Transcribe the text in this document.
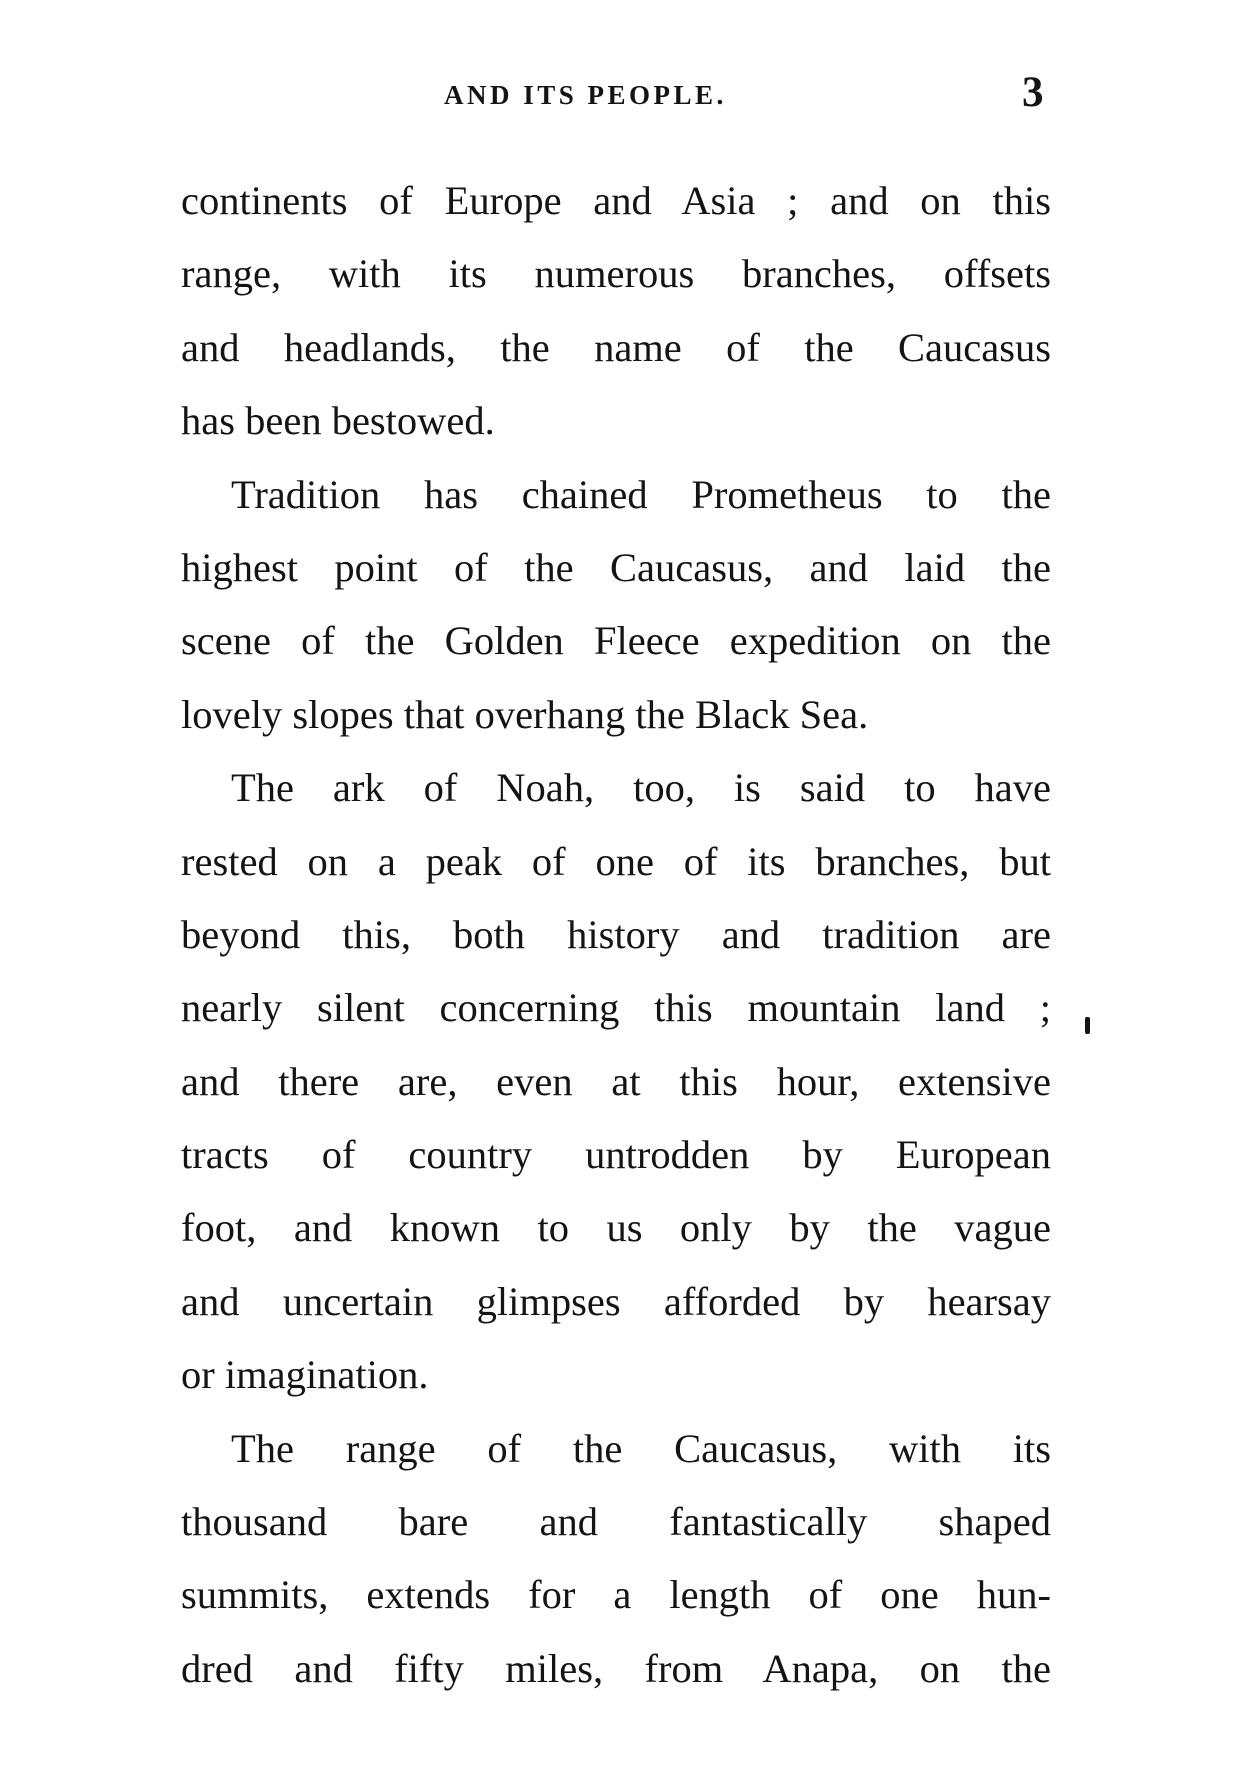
AND ITS PEOPLE.	3
continents of Europe and Asia ; and on this
range, with its numerous branches, offsets
and headlands, the name of the Caucasus
has been bestowed.
Tradition has chained Prometheus to the
highest point of the Caucasus, and laid the
scene of the Golden Fleece expedition on the
lovely slopes that overhang the Black Sea.
The ark of Noah, too, is said to have
rested on a peak of one of its branches, but
beyond this, both history and tradition are
nearly silent concerning this mountain land ;
and there are, even at this hour, extensive
tracts of country untrodden by European
foot, and known to us only by the vague
and uncertain glimpses afforded by hearsay
or imagination.
The range of the Caucasus, with its
thousand bare and fantastically shaped
summits, extends for a length of one hun-
dred and fifty miles, from Anapa, on the
